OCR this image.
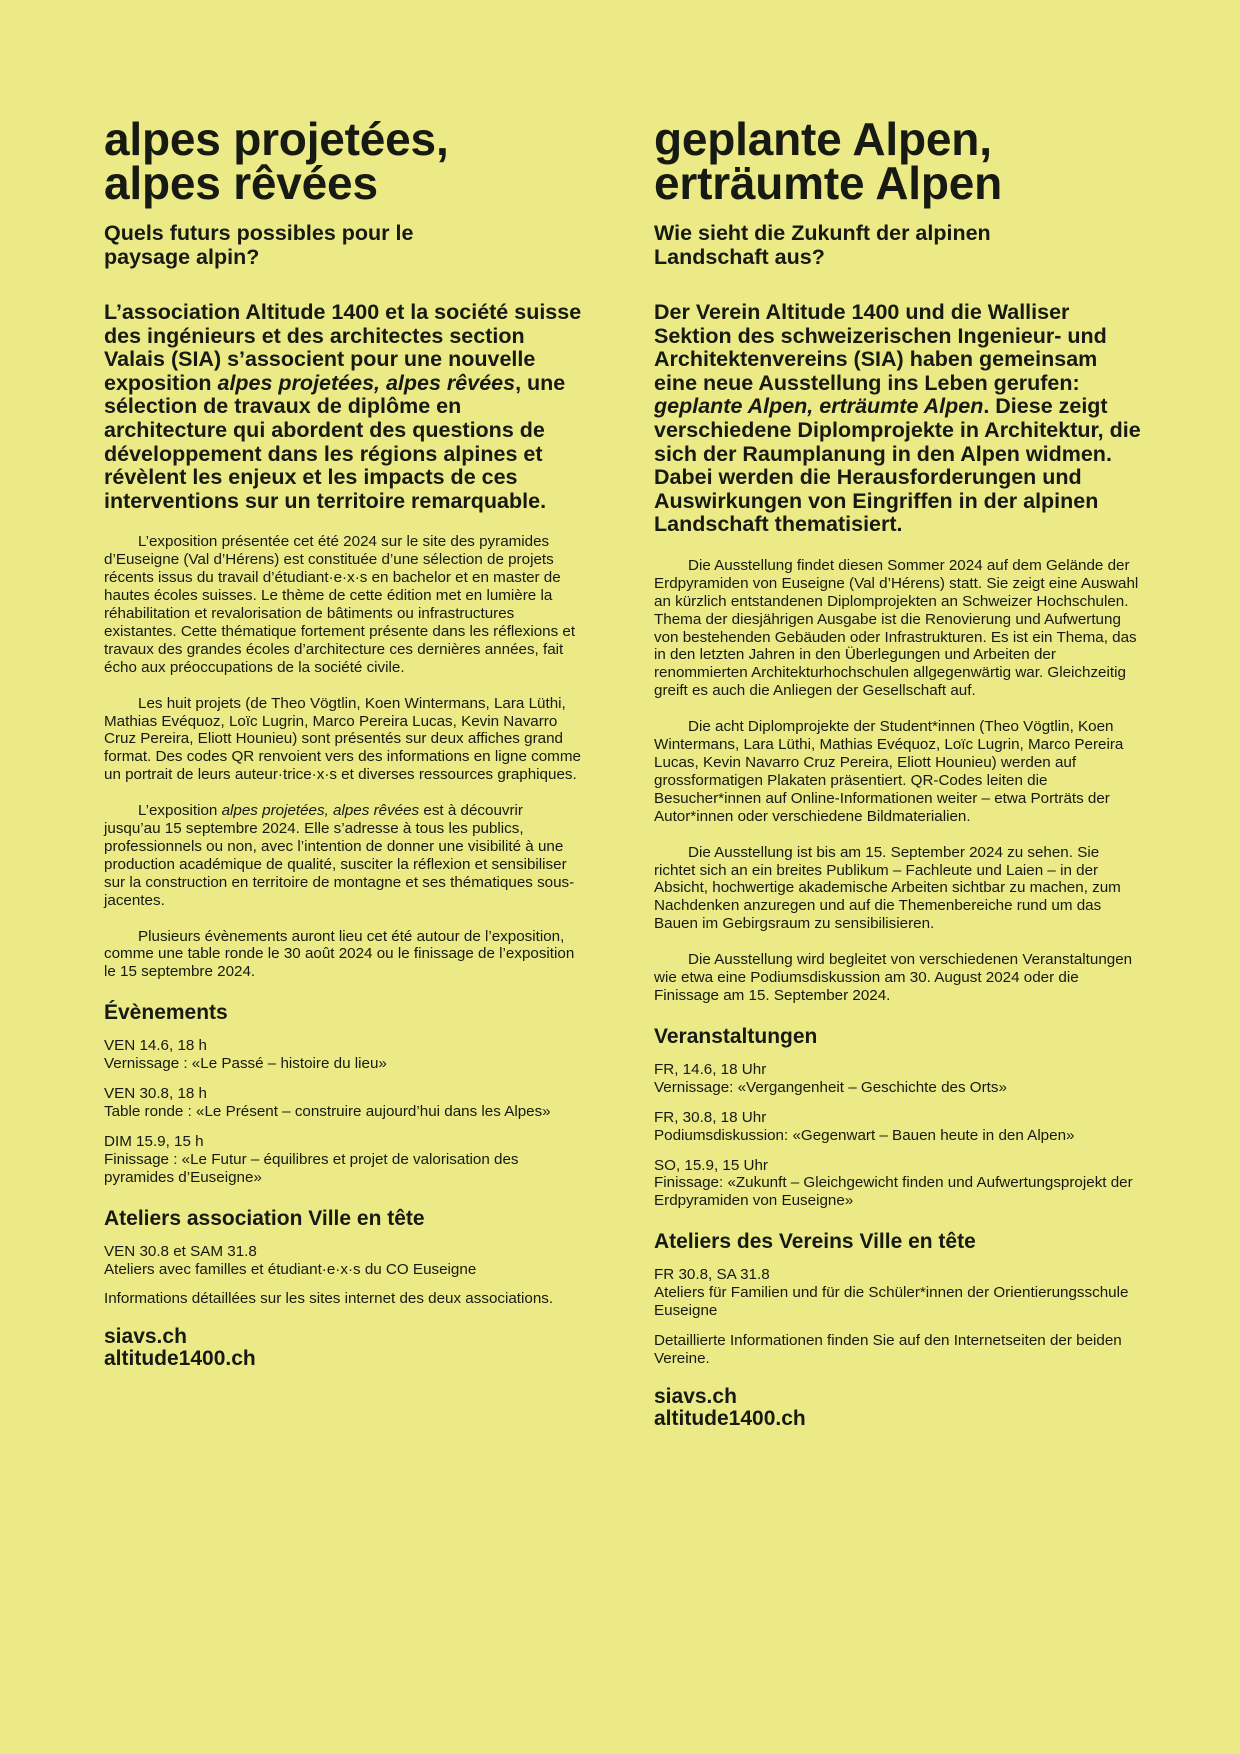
alpes projetées,
alpes rêvées

Quels futurs possibles pour le
paysage alpin?

L’association Altitude 1400 et la société suisse des ingénieurs et des architectes section Valais (SIA) s’associent pour une nouvelle exposition alpes projetées, alpes rêvées, une sélection de travaux de diplôme en architecture qui abordent des questions de développement dans les régions alpines et révèlent les enjeux et les impacts de ces interventions sur un territoire remarquable.

L’exposition présentée cet été 2024 sur le site des pyramides d’Euseigne (Val d’Hérens) est constituée d’une sélection de projets récents issus du travail d’étudiant·e·x·s en bachelor et en master de hautes écoles suisses. Le thème de cette édition met en lumière la réhabilitation et revalorisation de bâtiments ou infrastructures existantes. Cette thématique fortement présente dans les réflexions et travaux des grandes écoles d’architecture ces dernières années, fait écho aux préoccupations de la société civile.

Les huit projets (de Theo Vögtlin, Koen Wintermans, Lara Lüthi, Mathias Evéquoz, Loïc Lugrin, Marco Pereira Lucas, Kevin Navarro Cruz Pereira, Eliott Hounieu) sont présentés sur deux affiches grand format. Des codes QR renvoient vers des informations en ligne comme un portrait de leurs auteur·trice·x·s et diverses ressources graphiques.

L’exposition alpes projetées, alpes rêvées est à découvrir jusqu’au 15 septembre 2024. Elle s’adresse à tous les publics, professionnels ou non, avec l’intention de donner une visibilité à une production académique de qualité, susciter la réflexion et sensibiliser sur la construction en territoire de montagne et ses thématiques sous-jacentes.

Plusieurs évènements auront lieu cet été autour de l’exposition, comme une table ronde le 30 août 2024 ou le finissage de l’exposition le 15 septembre 2024.

Évènements
VEN 14.6, 18 h
Vernissage : «Le Passé – histoire du lieu»
VEN 30.8, 18 h
Table ronde : «Le Présent – construire aujourd’hui dans les Alpes»
DIM 15.9, 15 h
Finissage : «Le Futur – équilibres et projet de valorisation des pyramides d’Euseigne»
Ateliers association Ville en tête
VEN 30.8 et SAM 31.8
Ateliers avec familles et étudiant·e·x·s du CO Euseigne

Informations détaillées sur les sites internet des deux associations.

siavs.ch
altitude1400.ch
geplante Alpen,
erträumte Alpen

Wie sieht die Zukunft der alpinen
Landschaft aus?

Der Verein Altitude 1400 und die Walliser Sektion des schweizerischen Ingenieur- und Architektenvereins (SIA) haben gemeinsam eine neue Ausstellung ins Leben gerufen: geplante Alpen, erträumte Alpen. Diese zeigt verschiedene Diplomprojekte in Architektur, die sich der Raumplanung in den Alpen widmen. Dabei werden die Herausforderungen und Auswirkungen von Eingriffen in der alpinen Landschaft thematisiert.

Die Ausstellung findet diesen Sommer 2024 auf dem Gelände der Erdpyramiden von Euseigne (Val d’Hérens) statt. Sie zeigt eine Auswahl an kürzlich entstandenen Diplomprojekten an Schweizer Hochschulen. Thema der diesjährigen Ausgabe ist die Renovierung und Aufwertung von bestehenden Gebäuden oder Infrastrukturen. Es ist ein Thema, das in den letzten Jahren in den Überlegungen und Arbeiten der renommierten Architekturhochschulen allgegenwärtig war. Gleichzeitig greift es auch die Anliegen der Gesellschaft auf.

Die acht Diplomprojekte der Student*innen (Theo Vögtlin, Koen Wintermans, Lara Lüthi, Mathias Evéquoz, Loïc Lugrin, Marco Pereira Lucas, Kevin Navarro Cruz Pereira, Eliott Hounieu) werden auf grossformatigen Plakaten präsentiert. QR-Codes leiten die Besucher*innen auf Online-Informationen weiter – etwa Porträts der Autor*innen oder verschiedene Bildmaterialien.

Die Ausstellung ist bis am 15. September 2024 zu sehen. Sie richtet sich an ein breites Publikum – Fachleute und Laien – in der Absicht, hochwertige akademische Arbeiten sichtbar zu machen, zum Nachdenken anzuregen und auf die Themenbereiche rund um das Bauen im Gebirgsraum zu sensibilisieren.

Die Ausstellung wird begleitet von verschiedenen Veranstaltungen wie etwa eine Podiumsdiskussion am 30. August 2024 oder die Finissage am 15. September 2024.

Veranstaltungen
FR, 14.6, 18 Uhr
Vernissage: «Vergangenheit – Geschichte des Orts»
FR, 30.8, 18 Uhr
Podiumsdiskussion: «Gegenwart – Bauen heute in den Alpen»
SO, 15.9, 15 Uhr
Finissage: «Zukunft – Gleichgewicht finden und Aufwertungsprojekt der Erdpyramiden von Euseigne»
Ateliers des Vereins Ville en tête
FR 30.8, SA 31.8
Ateliers für Familien und für die Schüler*innen der Orientierungsschule Euseigne

Detaillierte Informationen finden Sie auf den Internetseiten der beiden Vereine.

siavs.ch
altitude1400.ch
